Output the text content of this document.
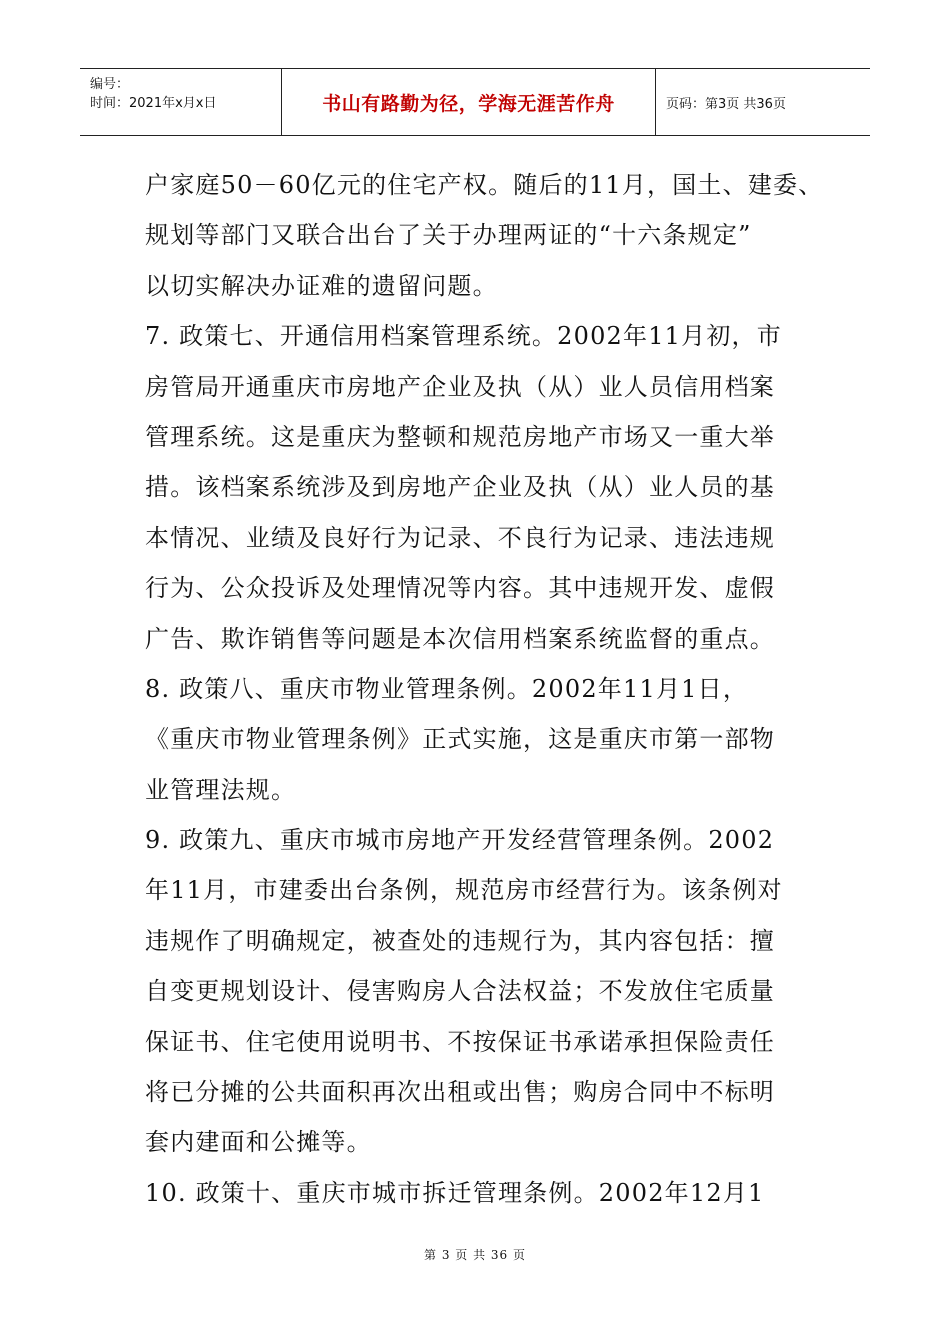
编号：
时间：2021年x月x日	书山有路勤为径，学海无涯苦作舟	页码：第3页 共36页
户家庭50－60亿元的住宅产权。随后的11月，国土、建委、
规划等部门又联合出台了关于办理两证的“十六条规定”
以切实解决办证难的遗留问题。
7. 政策七、开通信用档案管理系统。2002年11月初，市
房管局开通重庆市房地产企业及执（从）业人员信用档案
管理系统。这是重庆为整顿和规范房地产市场又一重大举
措。该档案系统涉及到房地产企业及执（从）业人员的基
本情况、业绩及良好行为记录、不良行为记录、违法违规
行为、公众投诉及处理情况等内容。其中违规开发、虚假
广告、欺诈销售等问题是本次信用档案系统监督的重点。
8. 政策八、重庆市物业管理条例。2002年11月1日，
《重庆市物业管理条例》正式实施，这是重庆市第一部物
业管理法规。
9. 政策九、重庆市城市房地产开发经营管理条例。2002
年11月，市建委出台条例，规范房市经营行为。该条例对
违规作了明确规定，被查处的违规行为，其内容包括：擅
自变更规划设计、侵害购房人合法权益；不发放住宅质量
保证书、住宅使用说明书、不按保证书承诺承担保险责任
将已分摊的公共面积再次出租或出售；购房合同中不标明
套内建面和公摊等。
10. 政策十、重庆市城市拆迁管理条例。2002年12月1
第 3 页 共 36 页
